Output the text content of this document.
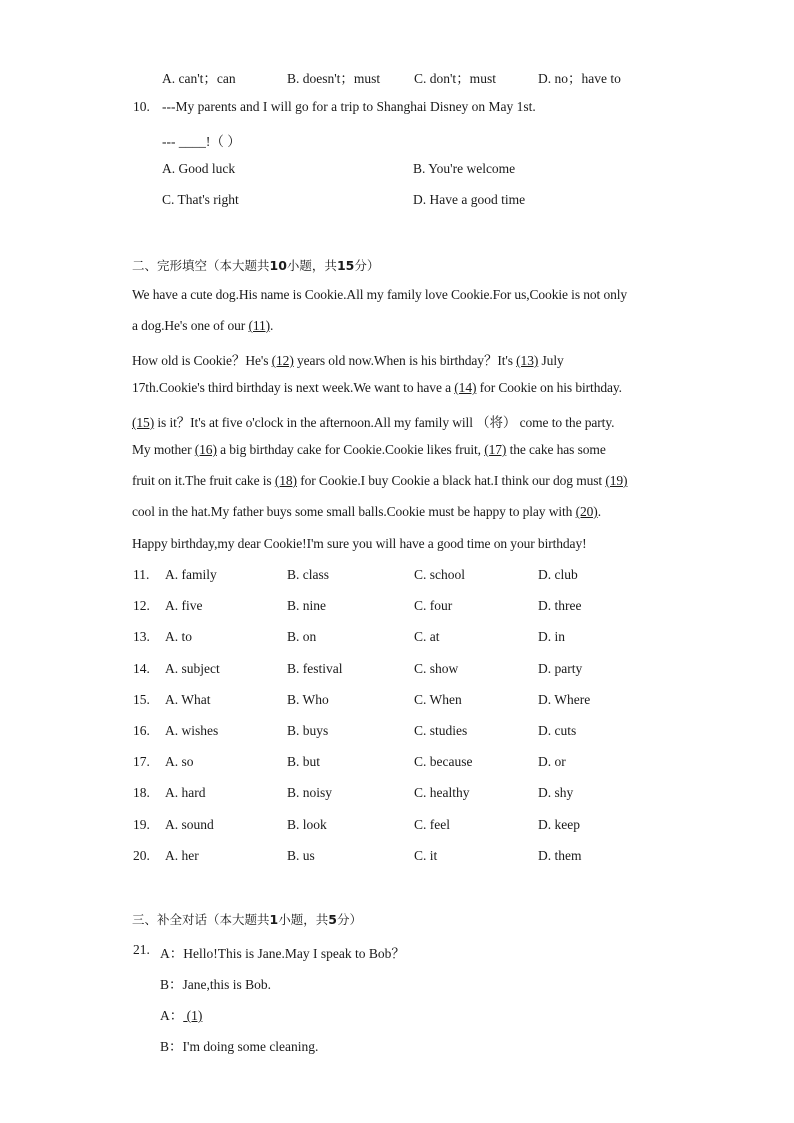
A. can't；can	B. doesn't；must	C. don't；must	D. no；have to
10. ---My parents and I will go for a trip to Shanghai Disney on May 1st.
--- ____!（ ）
A. Good luck	B. You're welcome
C. That's right	D. Have a good time
二、完形填空（本大题共10小题，共15分）
We have a cute dog.His name is Cookie.All my family love Cookie.For us,Cookie is not only
a dog.He's one of our (11).
How old is Cookie？He's (12) years old now.When is his birthday？It's (13) July
17th.Cookie's third birthday is next week.We want to have a (14) for Cookie on his birthday.
(15) is it？It's at five o'clock in the afternoon.All my family will （将） come to the party.
My mother (16) a big birthday cake for Cookie.Cookie likes fruit, (17) the cake has some
fruit on it.The fruit cake is (18) for Cookie.I buy Cookie a black hat.I think our dog must (19)
cool in the hat.My father buys some small balls.Cookie must be happy to play with (20).
Happy birthday,my dear Cookie!I'm sure you will have a good time on your birthday!
11. A. family	B. class	C. school	D. club
12. A. five	B. nine	C. four	D. three
13. A. to	B. on	C. at	D. in
14. A. subject	B. festival	C. show	D. party
15. A. What	B. Who	C. When	D. Where
16. A. wishes	B. buys	C. studies	D. cuts
17. A. so	B. but	C. because	D. or
18. A. hard	B. noisy	C. healthy	D. shy
19. A. sound	B. look	C. feel	D. keep
20. A. her	B. us	C. it	D. them
三、补全对话（本大题共1小题，共5分）
21. A：Hello!This is Jane.May I speak to Bob？
B：Jane,this is Bob.
A： (1)
B：I'm doing some cleaning.
